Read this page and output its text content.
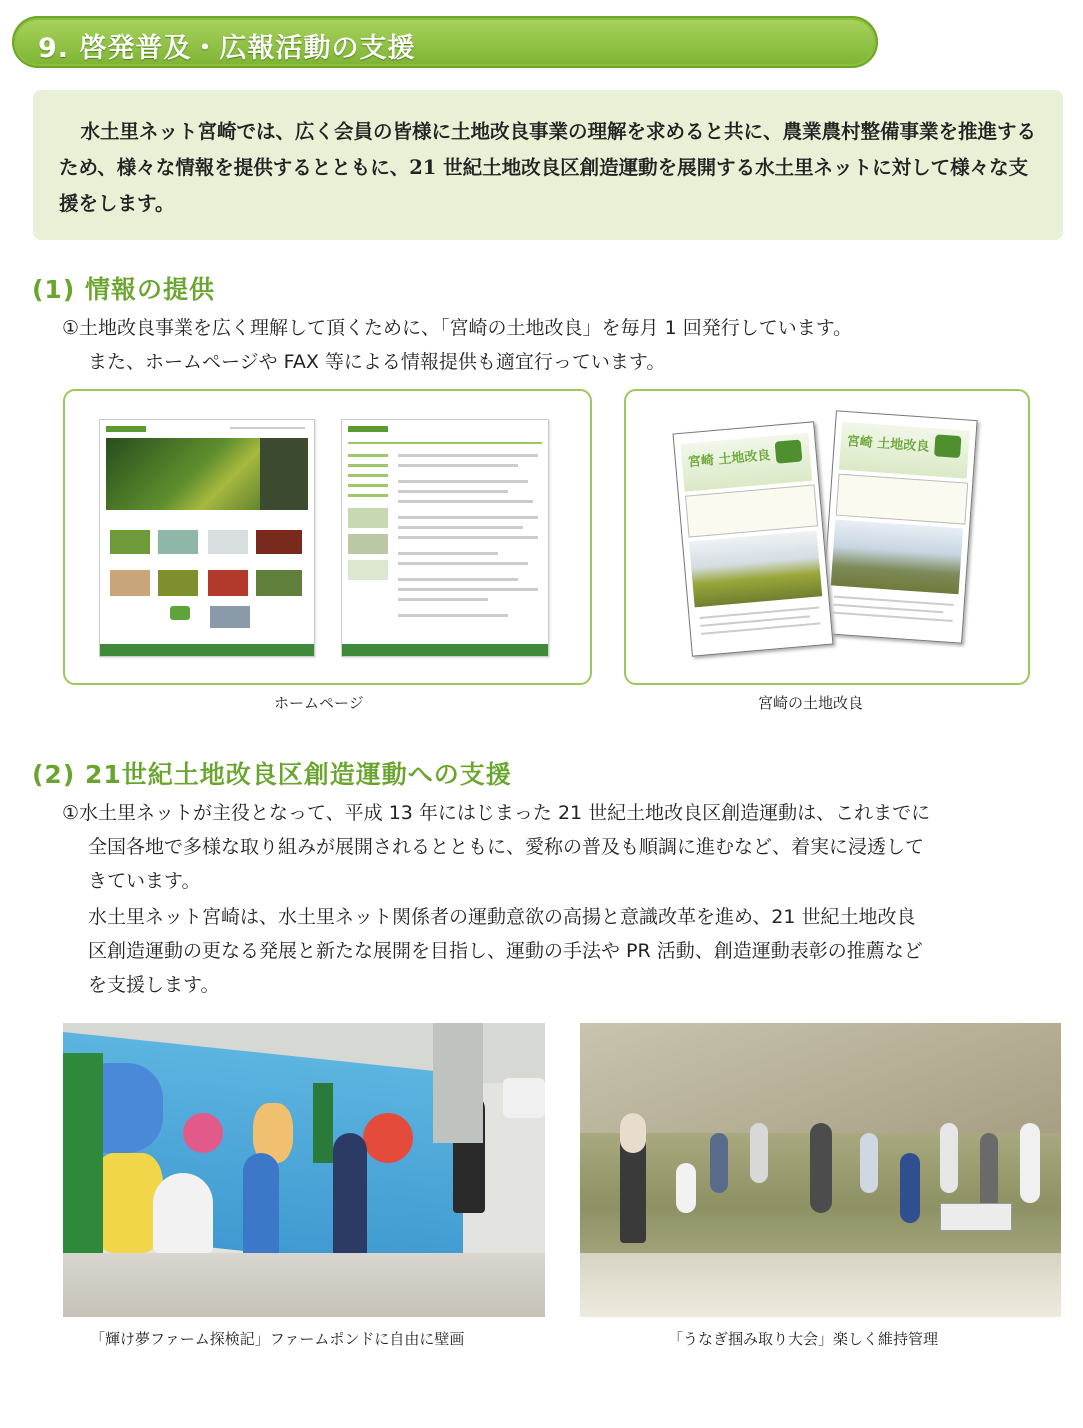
9. 啓発普及・広報活動の支援

水土里ネット宮崎では、広く会員の皆様に土地改良事業の理解を求めると共に、農業農村整備事業を推進するため、様々な情報を提供するとともに、21 世紀土地改良区創造運動を展開する水土里ネットに対して様々な支援をします。

(1) 情報の提供
①土地改良事業を広く理解して頂くために、「宮崎の土地改良」を毎月 1 回発行しています。
また、ホームページや FAX 等による情報提供も適宜行っています。
ホームページ
宮崎 土地改良
宮崎 土地改良
宮崎の土地改良
(2) 21世紀土地改良区創造運動への支援
①水土里ネットが主役となって、平成 13 年にはじまった 21 世紀土地改良区創造運動は、これまでに
全国各地で多様な取り組みが展開されるとともに、愛称の普及も順調に進むなど、着実に浸透して
きています。
水土里ネット宮崎は、水土里ネット関係者の運動意欲の高揚と意識改革を進め、21 世紀土地改良
区創造運動の更なる発展と新たな展開を目指し、運動の手法や PR 活動、創造運動表彰の推薦など
を支援します。
「輝け夢ファーム探検記」ファームポンドに自由に壁画	「うなぎ掴み取り大会」楽しく維持管理
